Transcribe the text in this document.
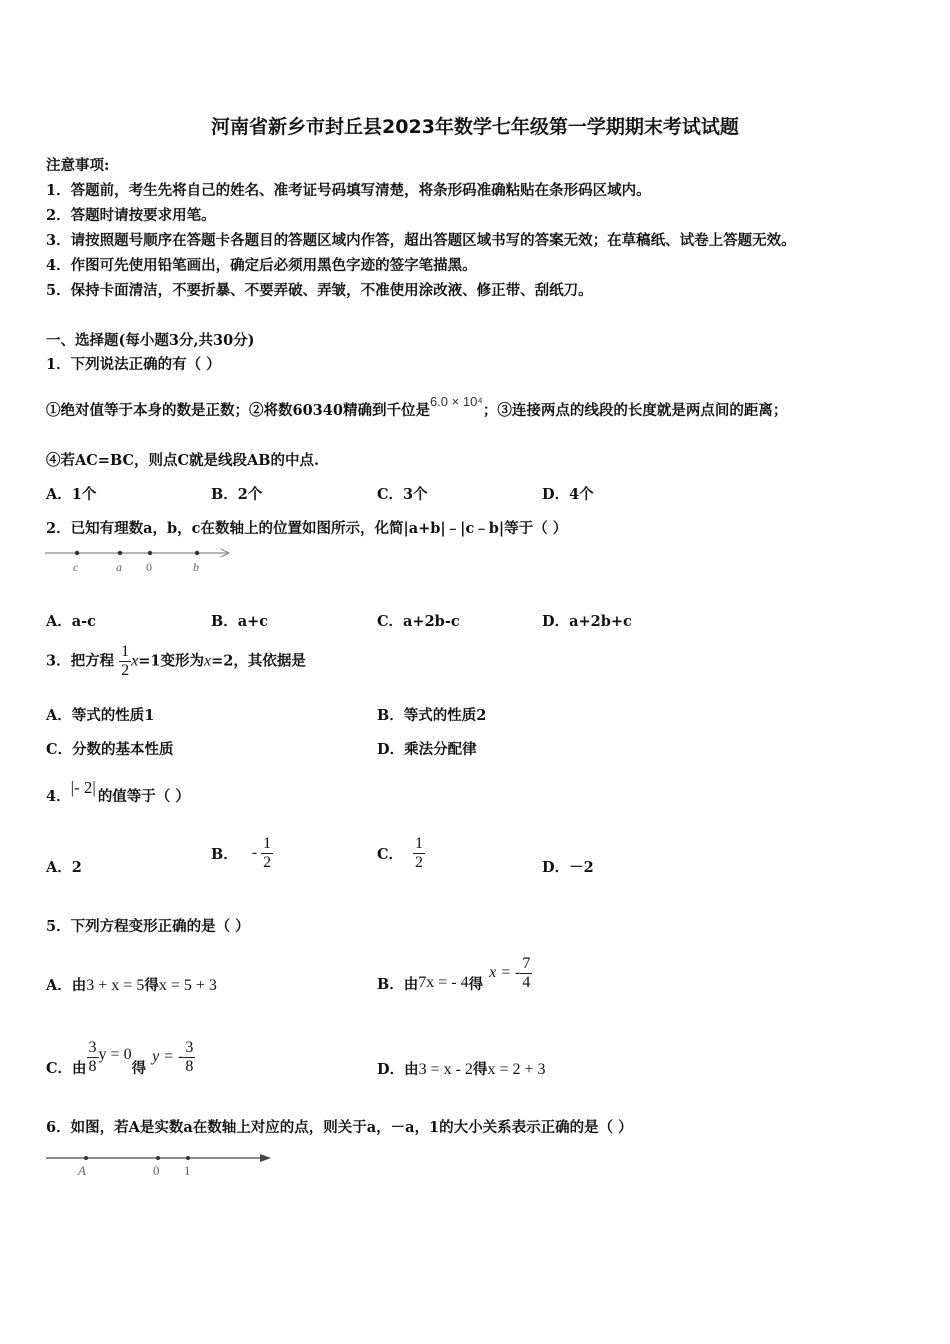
河南省新乡市封丘县2023年数学七年级第一学期期末考试试题
注意事项:
1．答题前，考生先将自己的姓名、准考证号码填写清楚，将条形码准确粘贴在条形码区域内。
2．答题时请按要求用笔。
3．请按照题号顺序在答题卡各题目的答题区域内作答，超出答题区域书写的答案无效；在草稿纸、试卷上答题无效。
4．作图可先使用铅笔画出，确定后必须用黑色字迹的签字笔描黑。
5．保持卡面清洁，不要折暴、不要弄破、弄皱，不准使用涂改液、修正带、刮纸刀。
一、选择题(每小题3分,共30分)
1．下列说法正确的有（ ）
①绝对值等于本身的数是正数；②将数60340精确到千位是6.0 × 10⁴；③连接两点的线段的长度就是两点间的距离；
④若AC=BC，则点C就是线段AB的中点.
A．1个	B．2个	C．3个	D．4个
2．已知有理数a，b，c在数轴上的位置如图所示，化简|a+b|﹣|c﹣b|等于（ ）
c	a 0	b
A．a-c	B．a+c	C．a+2b-c	D．a+2b+c
3．把方程 $\frac{1}{2} x=1$变形为x=2，其依据是
A．等式的性质1	B．等式的性质2
C．分数的基本性质	D．乘法分配律
4．|- 2| 的值等于（ ）
A．2
B． - $\frac{1}{2}$	C． $\frac{1}{2}$	D．－2
5．下列方程变形正确的是（ ）
A．由3 + x = 5得x = 5 + 3	B．由 7x = - 4 得
x = - $\frac{7}{4}$
C．由 $\frac{3}{8}$ y = 0
得
y = - $\frac{3}{8}$	D．由3 = x - 2得x = 2 + 3
6．如图，若A是实数a在数轴上对应的点，则关于a，－a，1的大小关系表示正确的是（ ）
A	0 1
